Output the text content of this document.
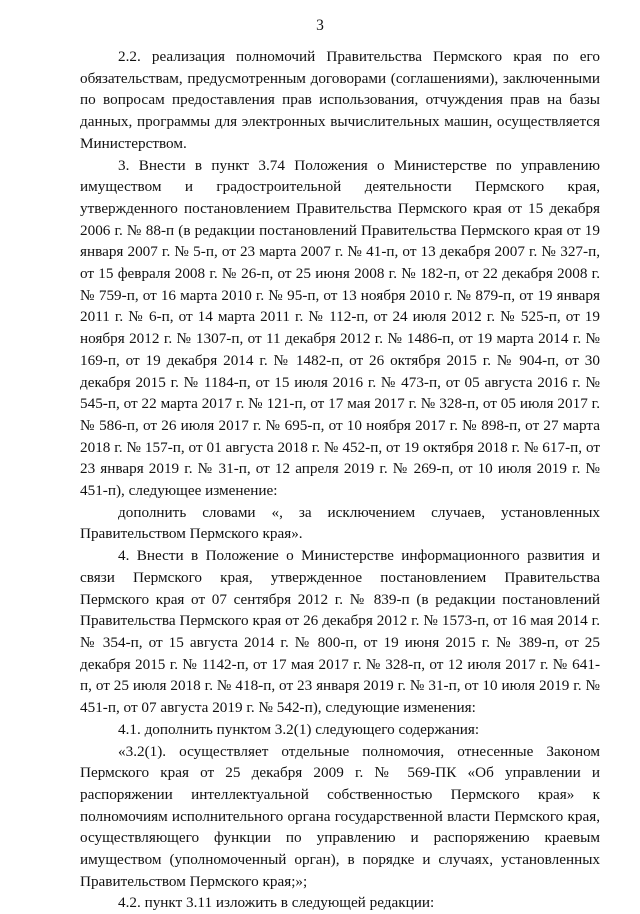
3

2.2. реализация полномочий Правительства Пермского края по его обязательствам, предусмотренным договорами (соглашениями), заключенными по вопросам предоставления прав использования, отчуждения прав на базы данных, программы для электронных вычислительных машин, осуществляется Министерством.

3. Внести в пункт 3.74 Положения о Министерстве по управлению имуществом и градостроительной деятельности Пермского края, утвержденного постановлением Правительства Пермского края от 15 декабря 2006 г. № 88-п (в редакции постановлений Правительства Пермского края от 19 января 2007 г. № 5-п, от 23 марта 2007 г. № 41-п, от 13 декабря 2007 г. № 327-п, от 15 февраля 2008 г. № 26-п, от 25 июня 2008 г. № 182-п, от 22 декабря 2008 г. № 759-п, от 16 марта 2010 г. № 95-п, от 13 ноября 2010 г. № 879-п, от 19 января 2011 г. № 6-п, от 14 марта 2011 г. № 112-п, от 24 июля 2012 г. № 525-п, от 19 ноября 2012 г. № 1307-п, от 11 декабря 2012 г. № 1486-п, от 19 марта 2014 г. № 169-п, от 19 декабря 2014 г. № 1482-п, от 26 октября 2015 г. № 904-п, от 30 декабря 2015 г. № 1184-п, от 15 июля 2016 г. № 473-п, от 05 августа 2016 г. № 545-п, от 22 марта 2017 г. № 121-п, от 17 мая 2017 г. № 328-п, от 05 июля 2017 г. № 586-п, от 26 июля 2017 г. № 695-п, от 10 ноября 2017 г. № 898-п, от 27 марта 2018 г. № 157-п, от 01 августа 2018 г. № 452-п, от 19 октября 2018 г. № 617-п, от 23 января 2019 г. № 31-п, от 12 апреля 2019 г. № 269-п, от 10 июля 2019 г. № 451-п), следующее изменение:

дополнить словами «, за исключением случаев, установленных Правительством Пермского края».

4. Внести в Положение о Министерстве информационного развития и связи Пермского края, утвержденное постановлением Правительства Пермского края от 07 сентября 2012 г. № 839-п (в редакции постановлений Правительства Пермского края от 26 декабря 2012 г. № 1573-п, от 16 мая 2014 г. № 354-п, от 15 августа 2014 г. № 800-п, от 19 июня 2015 г. № 389-п, от 25 декабря 2015 г. № 1142-п, от 17 мая 2017 г. № 328-п, от 12 июля 2017 г. № 641-п, от 25 июля 2018 г. № 418-п, от 23 января 2019 г. № 31-п, от 10 июля 2019 г. № 451-п, от 07 августа 2019 г. № 542-п), следующие изменения:

4.1. дополнить пунктом 3.2(1) следующего содержания:

«3.2(1). осуществляет отдельные полномочия, отнесенные Законом Пермского края от 25 декабря 2009 г. № 569-ПК «Об управлении и распоряжении интеллектуальной собственностью Пермского края» к полномочиям исполнительного органа государственной власти Пермского края, осуществляющего функции по управлению и распоряжению краевым имуществом (уполномоченный орган), в порядке и случаях, установленных Правительством Пермского края;»;

4.2. пункт 3.11 изложить в следующей редакции:
